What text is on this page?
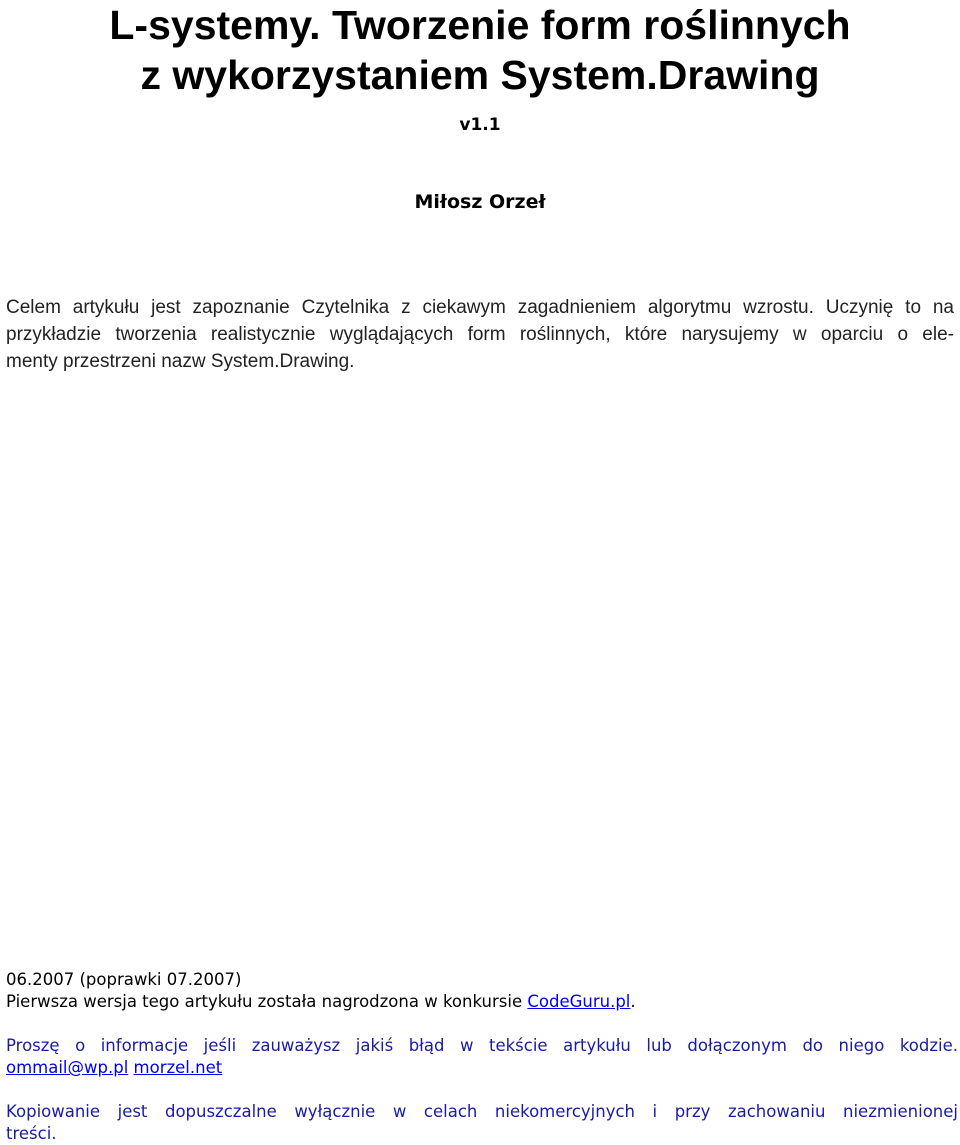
L-systemy. Tworzenie form roślinnych
z wykorzystaniem System.Drawing
v1.1
Miłosz Orzeł

Celem artykułu jest zapoznanie Czytelnika z ciekawym zagadnieniem algorytmu wzrostu. Uczynię to na
przykładzie tworzenia realistycznie wyglądających form roślinnych, które narysujemy w oparciu o ele-
menty przestrzeni nazw System.Drawing.

06.2007 (poprawki 07.2007)
Pierwsza wersja tego artykułu została nagrodzona w konkursie CodeGuru.pl.
Proszę o informacje jeśli zauważysz jakiś błąd w tekście artykułu lub dołączonym do niego kodzie.
ommail@wp.pl morzel.net
Kopiowanie jest dopuszczalne wyłącznie w celach niekomercyjnych i przy zachowaniu niezmienionej
treści.
